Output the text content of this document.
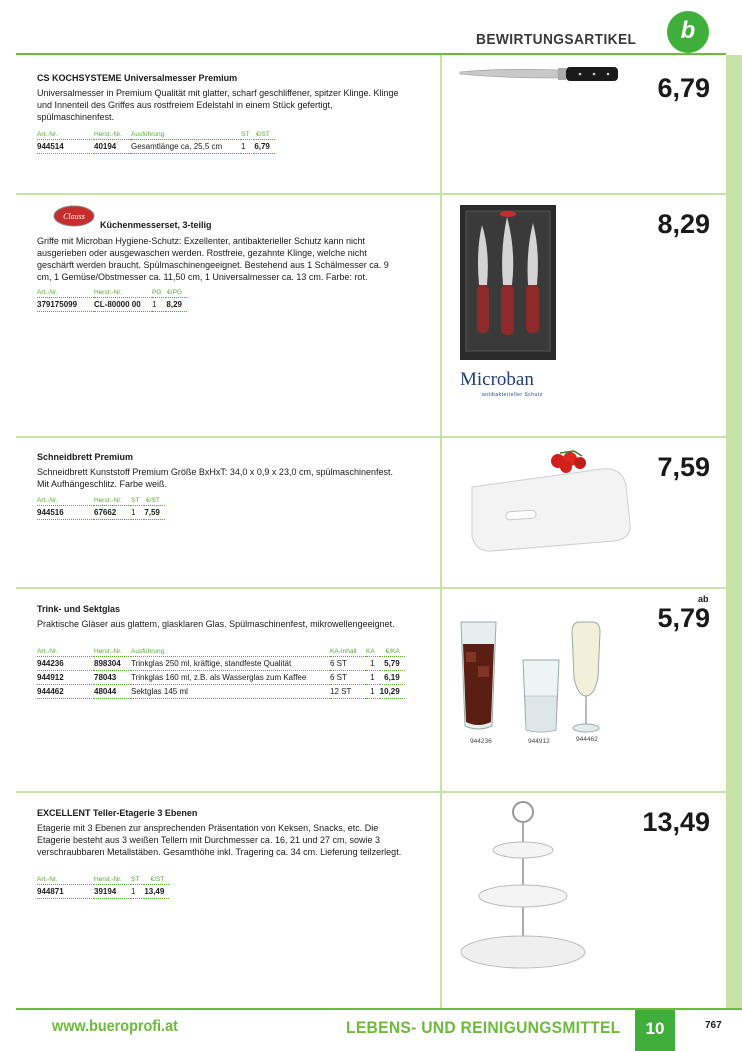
BEWIRTUNGSARTIKEL	b
CS KOCHSYSTEME Universalmesser Premium
Universalmesser in Premium Qualität mit glatter, scharf geschliffener, spitzer Klinge. Klinge und Innenteil des Griffes aus rostfreiem Edelstahl in einem Stück gefertigt, spülmaschinenfest.
Art.-Nr.	Herst.-Nr.	Ausführung	ST	€/ST
944514	40194	Gesamtlänge ca. 25,5 cm	1	6,79
6,79
Clauss
Küchenmesserset, 3-teilig
Griffe mit Microban Hygiene-Schutz: Exzellenter, antibakterieller Schutz kann nicht ausgerieben oder ausgewaschen werden. Rostfreie, gezahnte Klinge, welche nicht geschärft werden braucht. Spülmaschinengeeignet. Bestehend aus 1 Schälmesser ca. 9 cm, 1 Gemüse/Obstmesser ca. 11,50 cm, 1 Universalmesser ca. 13 cm. Farbe: rot.
Art.-Nr.	Herst.-Nr.	PG	€/PG
379175099	CL-80000 00	1	8,29
8,29
Microban
antibakterieller Schutz
Schneidbrett Premium
Schneidbrett Kunststoff Premium Größe BxHxT: 34,0 x 0,9 x 23,0 cm, spülmaschinenfest. Mit Aufhängeschlitz. Farbe weiß.
Art.-Nr.	Herst.-Nr.	ST	€/ST
944516	67662	1	7,59
7,59
Trink- und Sektglas
Praktische Gläser aus glattem, glasklaren Glas. Spülmaschinenfest, mikrowellengeeignet.
Art.-Nr.	Herst.-Nr.	Ausführung	KA-Inhalt	KA	€/KA
944236	898304	Trinkglas 250 ml, kräftige, standfeste Qualität	6 ST	1	5,79
944912	78043	Trinkglas 160 ml, z.B. als Wasserglas zum Kaffee	6 ST	1	6,19
944462	48044	Sektglas 145 ml	12 ST	1	10,29
ab
5,79
944236	944912	944462
EXCELLENT Teller-Etagerie 3 Ebenen
Etagerie mit 3 Ebenen zur ansprechenden Präsentation von Keksen, Snacks, etc. Die Etagerie besteht aus 3 weißen Tellern mit Durchmesser ca. 16, 21 und 27 cm, sowie 3 verschraubbaren Metallstäben. Gesamthöhe inkl. Tragering ca. 34 cm. Lieferung teilzerlegt.
Art.-Nr.	Herst.-Nr.	ST	€/ST
944871	39194	1	13,49
13,49
www.bueroprofi.at	LEBENS- UND REINIGUNGSMITTEL	10	767
